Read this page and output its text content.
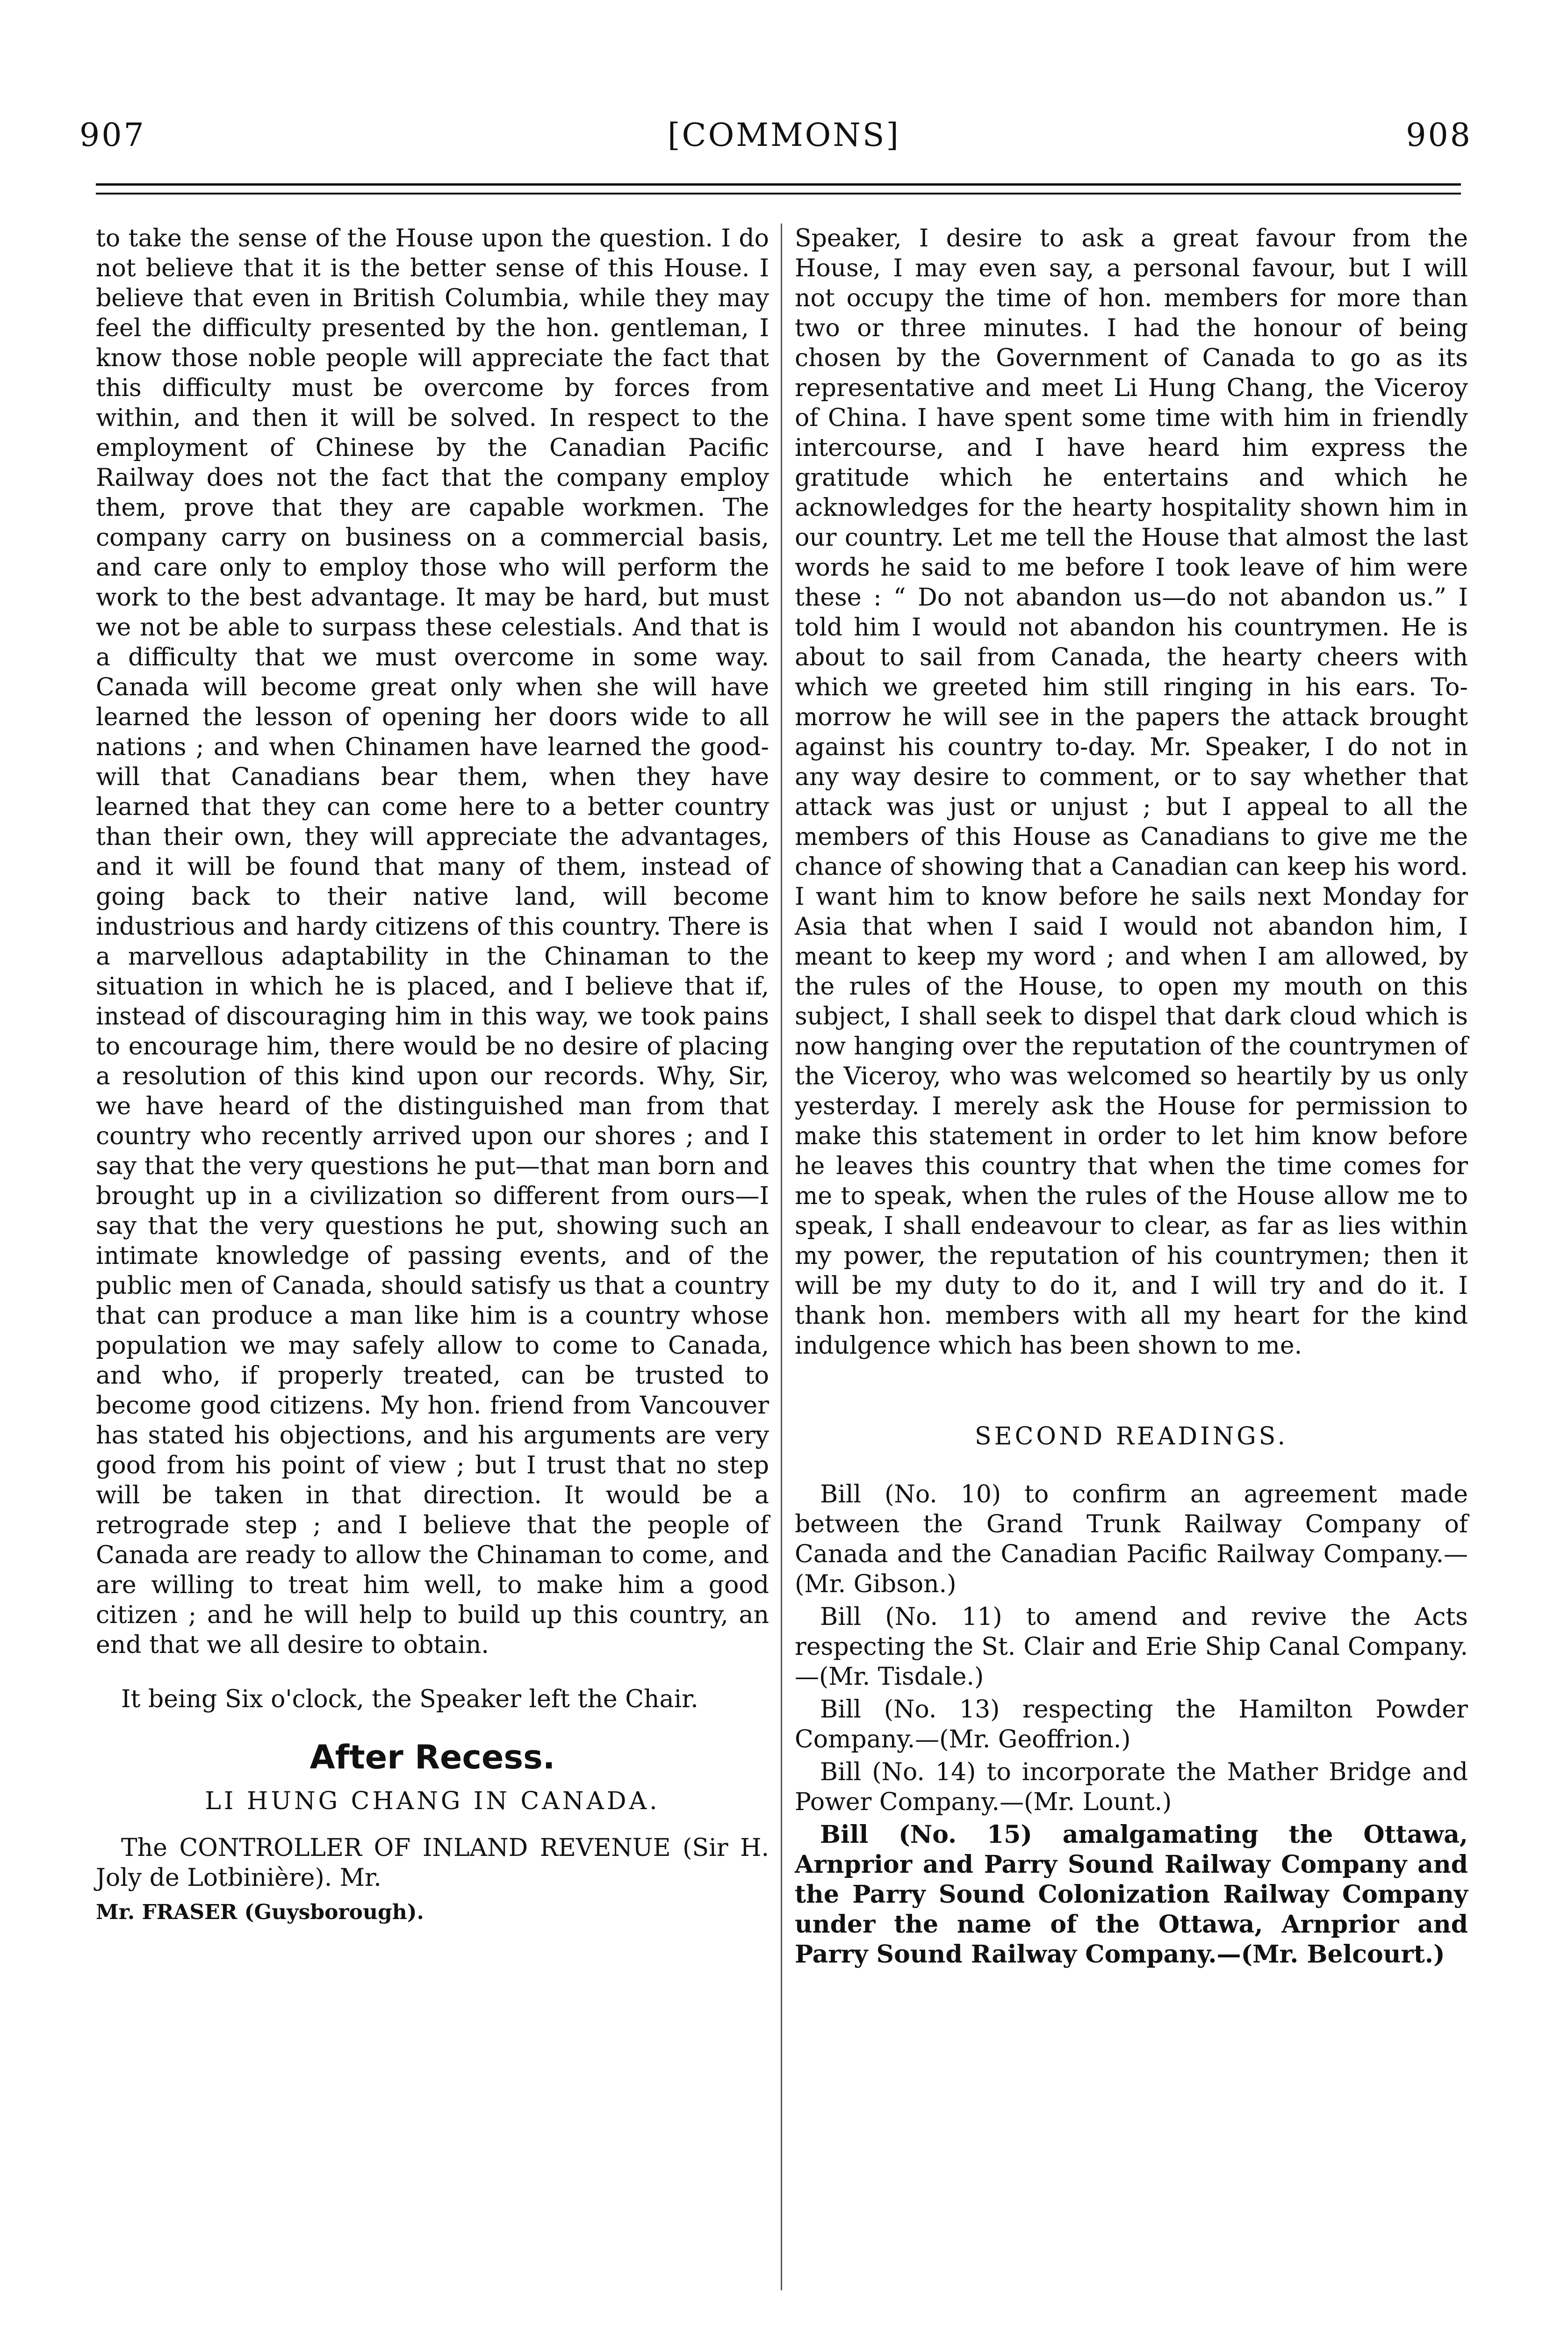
907	[COMMONS]	908

to take the sense of the House upon the question. I do not believe that it is the better sense of this House. I believe that even in British Columbia, while they may feel the difficulty presented by the hon. gentleman, I know those noble people will appreciate the fact that this difficulty must be overcome by forces from within, and then it will be solved. In respect to the employment of Chinese by the Canadian Pacific Railway does not the fact that the company employ them, prove that they are capable workmen. The company carry on business on a commercial basis, and care only to employ those who will perform the work to the best advantage. It may be hard, but must we not be able to surpass these celestials. And that is a difficulty that we must overcome in some way. Canada will become great only when she will have learned the lesson of opening her doors wide to all nations ; and when Chinamen have learned the good-will that Canadians bear them, when they have learned that they can come here to a better country than their own, they will appreciate the advantages, and it will be found that many of them, instead of going back to their native land, will become industrious and hardy citizens of this country. There is a marvellous adaptability in the Chinaman to the situation in which he is placed, and I believe that if, instead of discouraging him in this way, we took pains to encourage him, there would be no desire of placing a resolution of this kind upon our records. Why, Sir, we have heard of the distinguished man from that country who recently arrived upon our shores ; and I say that the very questions he put—that man born and brought up in a civilization so different from ours—I say that the very questions he put, showing such an intimate knowledge of passing events, and of the public men of Canada, should satisfy us that a country that can produce a man like him is a country whose population we may safely allow to come to Canada, and who, if properly treated, can be trusted to become good citizens. My hon. friend from Vancouver has stated his objections, and his arguments are very good from his point of view ; but I trust that no step will be taken in that direction. It would be a retrograde step ; and I believe that the people of Canada are ready to allow the Chinaman to come, and are willing to treat him well, to make him a good citizen ; and he will help to build up this country, an end that we all desire to obtain.

It being Six o'clock, the Speaker left the Chair.

After Recess.
LI HUNG CHANG IN CANADA.

The CONTROLLER OF INLAND REVENUE (Sir H. Joly de Lotbinière). Mr.

Mr. FRASER (Guysborough).

Speaker, I desire to ask a great favour from the House, I may even say, a personal favour, but I will not occupy the time of hon. members for more than two or three minutes. I had the honour of being chosen by the Government of Canada to go as its representative and meet Li Hung Chang, the Viceroy of China. I have spent some time with him in friendly intercourse, and I have heard him express the gratitude which he entertains and which he acknowledges for the hearty hospitality shown him in our country. Let me tell the House that almost the last words he said to me before I took leave of him were these : “ Do not abandon us—do not abandon us.” I told him I would not abandon his countrymen. He is about to sail from Canada, the hearty cheers with which we greeted him still ringing in his ears. To-morrow he will see in the papers the attack brought against his country to-day. Mr. Speaker, I do not in any way desire to comment, or to say whether that attack was just or unjust ; but I appeal to all the members of this House as Canadians to give me the chance of showing that a Canadian can keep his word. I want him to know before he sails next Monday for Asia that when I said I would not abandon him, I meant to keep my word ; and when I am allowed, by the rules of the House, to open my mouth on this subject, I shall seek to dispel that dark cloud which is now hanging over the reputation of the countrymen of the Viceroy, who was welcomed so heartily by us only yesterday. I merely ask the House for permission to make this statement in order to let him know before he leaves this country that when the time comes for me to speak, when the rules of the House allow me to speak, I shall endeavour to clear, as far as lies within my power, the reputation of his countrymen; then it will be my duty to do it, and I will try and do it. I thank hon. members with all my heart for the kind indulgence which has been shown to me.

SECOND READINGS.

Bill (No. 10) to confirm an agreement made between the Grand Trunk Railway Company of Canada and the Canadian Pacific Railway Company.—(Mr. Gibson.)

Bill (No. 11) to amend and revive the Acts respecting the St. Clair and Erie Ship Canal Company.—(Mr. Tisdale.)

Bill (No. 13) respecting the Hamilton Powder Company.—(Mr. Geoffrion.)

Bill (No. 14) to incorporate the Mather Bridge and Power Company.—(Mr. Lount.)

Bill (No. 15) amalgamating the Ottawa, Arnprior and Parry Sound Railway Company and the Parry Sound Colonization Railway Company under the name of the Ottawa, Arnprior and Parry Sound Railway Company.—(Mr. Belcourt.)
